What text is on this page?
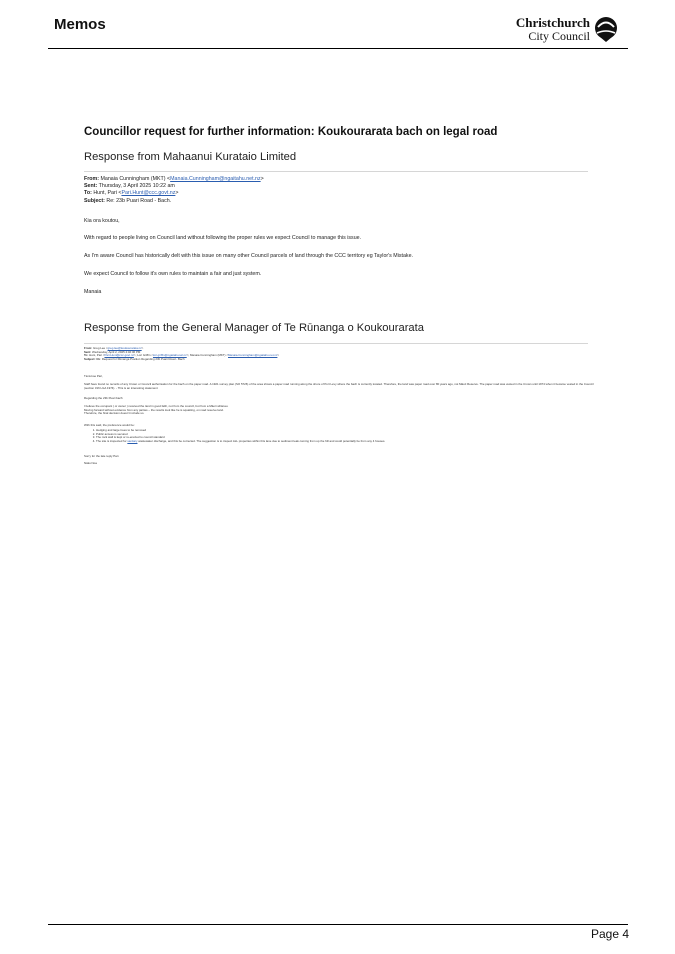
Memos	Christchurch
City Council
Councillor request for further information: Koukourarata bach on legal road
Response from Mahaanui Kurataio Limited
From: Manaia Cunningham (MKT) <Manaia.Cunningham@ngaitahu.net.nz>
Sent: Thursday, 3 April 2025 10:22 am
To: Hunt, Pari <Pari.Hunt@ccc.govt.nz>
Subject: Re: 23b Puari Road - Bach.
Kia ora koutou,
With regard to people living on Council land without following the proper rules we expect Council to manage this issue.
As I'm aware Council has historically delt with this issue on many other Council parcels of land through the CCC territory eg Taylor's Mistake.
We expect Council to follow it's own rules to maintain a fair and just system.
Manaia
Response from the General Manager of Te Rūnanga o Koukourarata
From: Greg Lee <greg.lee@koukourarata.nz>
Sent: Wednesday, April 2, 2025 4:46:06 PM
To: Hunt, Pari <Pari.Hunt@ccc.govt.nz>; Lori Griffin <lori.griffin@ngaitahu.iwi.nz>; Manaia Cunningham (MKT) <Manaia.Cunningham@ngaitahu.net.nz>
Subject: RE: Request for Rūnanga Position Regarding 23b Puari Road - Bach
Tēnā koe Pari,
Staff have found no records of any Crown or Council authorisation for the bach on the paper road. A 1921 survey plan (SO 5726) of the area shows a paper road running along the shore of Port Levy where the bach is currently located. Therefore, the land was paper road over 80 years ago, not Māori Reserve. The paper road was vested in the Crown until 1974 when it became vested in the Council (section 316 LGA 1974). - This is an interesting statement
Regarding the 23b Puari bach:
I believe the occupant ( or owner ) received the land in good faith, not from the council, but from a Māori whānau.
Moving forward without evidence from any parties – the results look like he is squatting, on road reserve land.
Therefore, the final decision doesn't include us.
With this said, the preference would be:
1. Hedging and large trees to be removed
2. Public access is secured
3. The rock wall is kept or re-erected to council standard
4. The site is inspected for sanitary wastewater discharge, and this be corrected. The suggestion is to inspect ALL properties within this lane due to sediment leak coming from up the hill and could potentially be from any 4 houses.
Sorry for the late reply Pari.
Nāku Noa
Page 4
